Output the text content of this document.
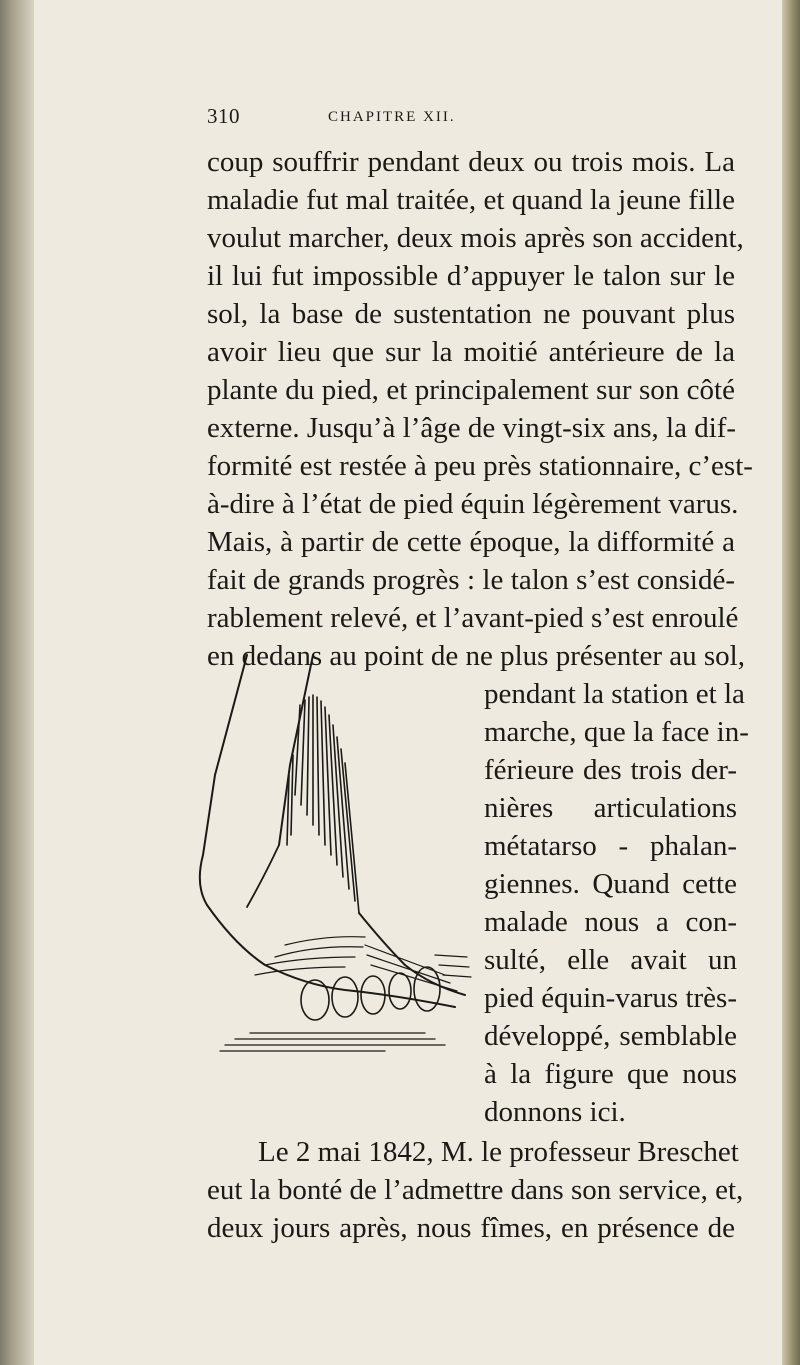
310	CHAPITRE XII.
coup souffrir pendant deux ou trois mois. La
maladie fut mal traitée, et quand la jeune fille
voulut marcher, deux mois après son accident,
il lui fut impossible d’appuyer le talon sur le
sol, la base de sustentation ne pouvant plus
avoir lieu que sur la moitié antérieure de la
plante du pied, et principalement sur son côté
externe. Jusqu’à l’âge de vingt-six ans, la dif-
formité est restée à peu près stationnaire, c’est-
à-dire à l’état de pied équin légèrement varus.
Mais, à partir de cette époque, la difformité a
fait de grands progrès : le talon s’est considé-
rablement relevé, et l’avant-pied s’est enroulé
en dedans au point de ne plus présenter au sol,
pendant la station et la
marche, que la face in-
férieure des trois der-
nières articulations
métatarso - phalan-
giennes. Quand cette
malade nous a con-
sulté, elle avait un
pied équin-varus très-
développé, semblable
à la figure que nous
donnons ici.
Le 2 mai 1842, M. le professeur Breschet
eut la bonté de l’admettre dans son service, et,
deux jours après, nous fîmes, en présence de
